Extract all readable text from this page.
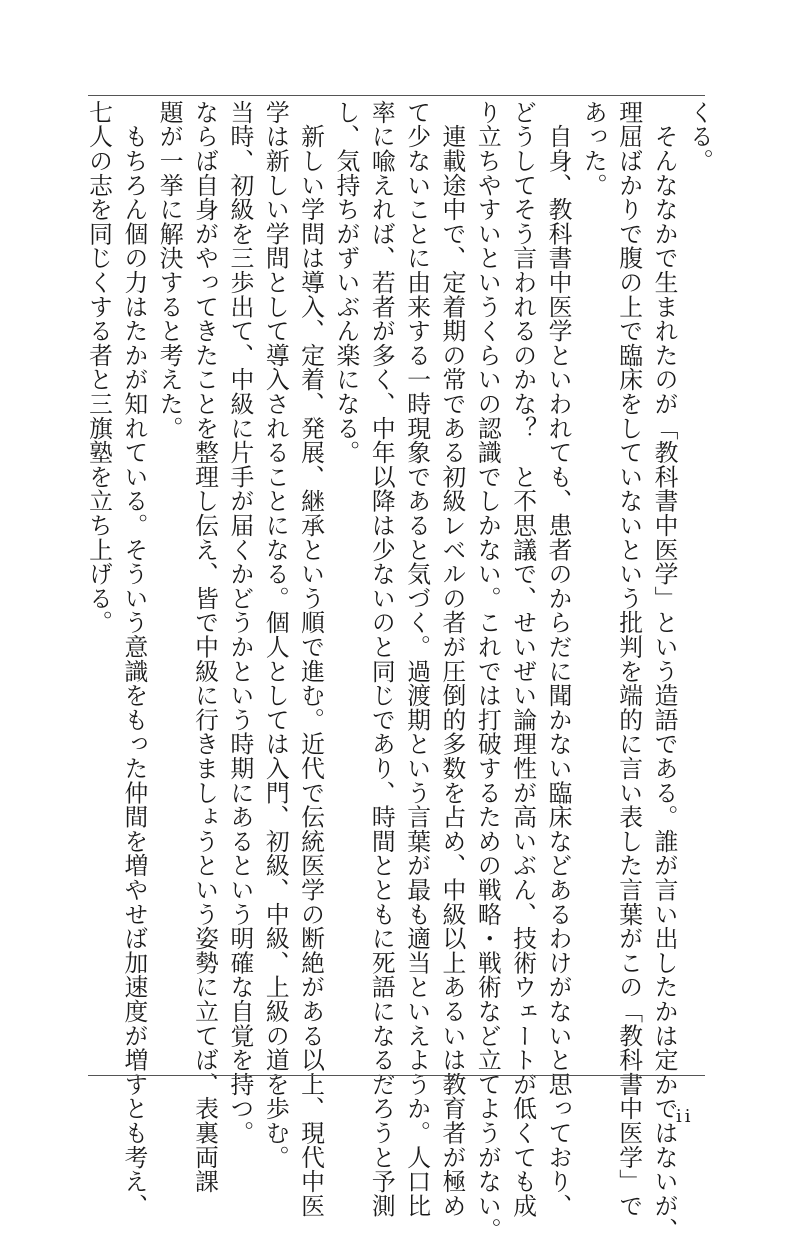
くる。
　そんななかで生まれたのが「教科書中医学」という造語である。誰が言い出したかは定かではないが、
理屈ばかりで腹の上で臨床をしていないという批判を端的に言い表した言葉がこの「教科書中医学」で
あった。
　自身、教科書中医学といわれても、患者のからだに聞かない臨床などあるわけがないと思っており、
どうしてそう言われるのかな？　と不思議で、せいぜい論理性が高いぶん、技術ウェートが低くても成
り立ちやすいというくらいの認識でしかない。これでは打破するための戦略・戦術など立てようがない。
　連載途中で、定着期の常である初級レベルの者が圧倒的多数を占め、中級以上あるいは教育者が極め
て少ないことに由来する一時現象であると気づく。過渡期という言葉が最も適当といえようか。人口比
率に喩えれば、若者が多く、中年以降は少ないのと同じであり、時間とともに死語になるだろうと予測
し、気持ちがずいぶん楽になる。
　新しい学問は導入、定着、発展、継承という順で進む。近代で伝統医学の断絶がある以上、現代中医
学は新しい学問として導入されることになる。個人としては入門、初級、中級、上級の道を歩む。
当時、初級を三歩出て、中級に片手が届くかどうかという時期にあるという明確な自覚を持つ。
ならば自身がやってきたことを整理し伝え、皆で中級に行きましょうという姿勢に立てば、表裏両課
題が一挙に解決すると考えた。
　もちろん個の力はたかが知れている。そういう意識をもった仲間を増やせば加速度が増すとも考え、
七人の志を同じくする者と三旗塾を立ち上げる。
ii
